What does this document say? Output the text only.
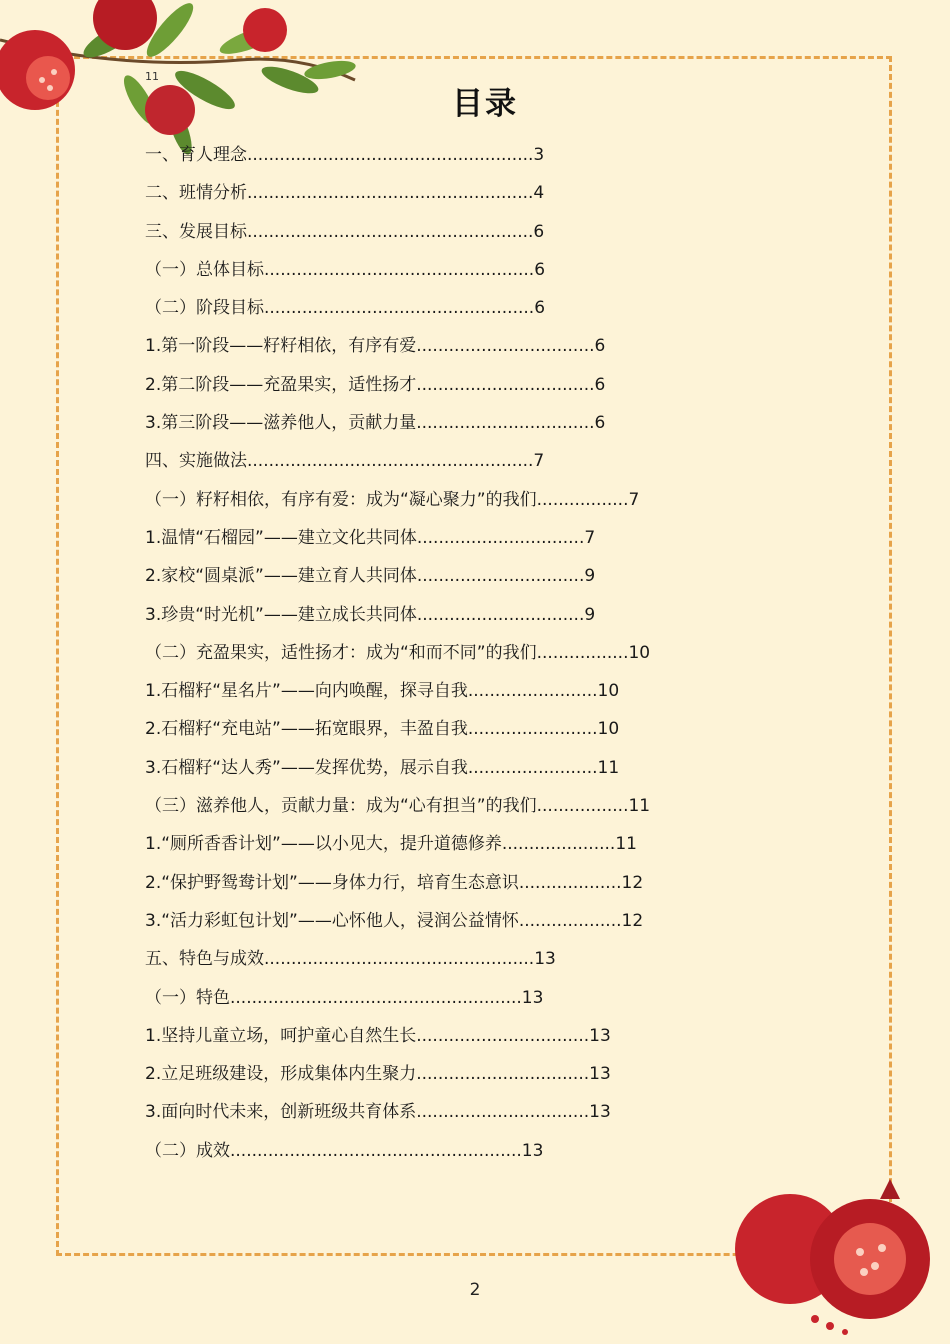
11
目录
一、育人理念.....................................................3
二、班情分析.....................................................4
三、发展目标.....................................................6
（一）总体目标..................................................6
（二）阶段目标..................................................6
1.第一阶段——籽籽相依，有序有爱.................................6
2.第二阶段——充盈果实，适性扬才.................................6
3.第三阶段——滋养他人，贡献力量.................................6
四、实施做法.....................................................7
（一）籽籽相依，有序有爱：成为“凝心聚力”的我们.................7
1.温情“石榴园”——建立文化共同体...............................7
2.家校“圆桌派”——建立育人共同体...............................9
3.珍贵“时光机”——建立成长共同体...............................9
（二）充盈果实，适性扬才：成为“和而不同”的我们.................10
1.石榴籽“星名片”——向内唤醒，探寻自我........................10
2.石榴籽“充电站”——拓宽眼界，丰盈自我........................10
3.石榴籽“达人秀”——发挥优势，展示自我........................11
（三）滋养他人，贡献力量：成为“心有担当”的我们.................11
1.“厕所香香计划”——以小见大，提升道德修养.....................11
2.“保护野鸳鸯计划”——身体力行，培育生态意识...................12
3.“活力彩虹包计划”——心怀他人，浸润公益情怀...................12
五、特色与成效..................................................13
（一）特色......................................................13
1.坚持儿童立场，呵护童心自然生长................................13
2.立足班级建设，形成集体内生聚力................................13
3.面向时代未来，创新班级共育体系................................13
（二）成效......................................................13
2
